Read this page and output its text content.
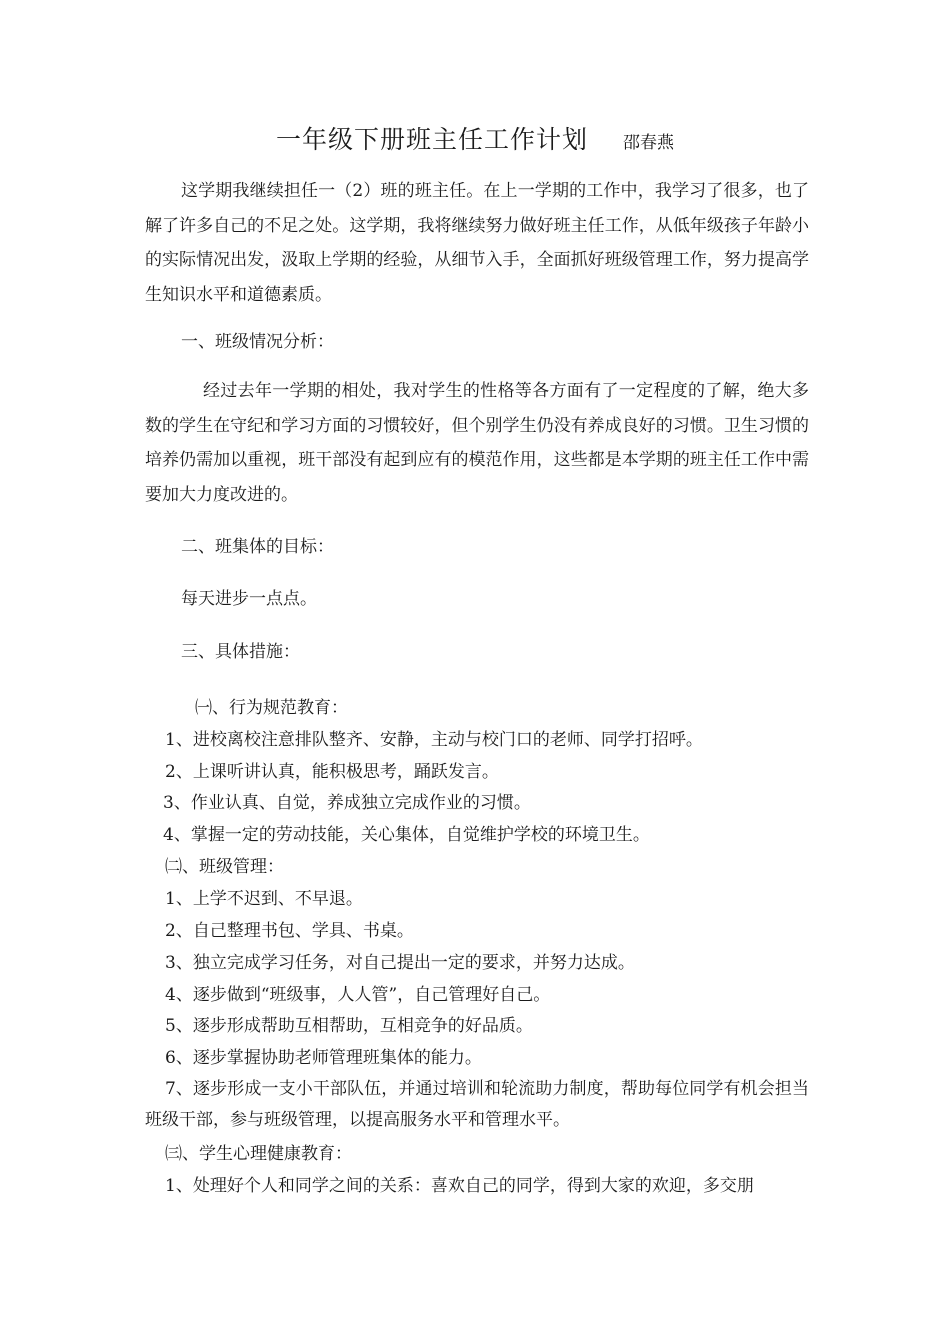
一年级下册班主任工作计划 邵春燕

这学期我继续担任一（2）班的班主任。在上一学期的工作中，我学习了很多，也了解了许多自己的不足之处。这学期，我将继续努力做好班主任工作，从低年级孩子年龄小的实际情况出发，汲取上学期的经验，从细节入手，全面抓好班级管理工作，努力提高学生知识水平和道德素质。

一、班级情况分析：

经过去年一学期的相处，我对学生的性格等各方面有了一定程度的了解，绝大多数的学生在守纪和学习方面的习惯较好，但个别学生仍没有养成良好的习惯。卫生习惯的培养仍需加以重视，班干部没有起到应有的模范作用，这些都是本学期的班主任工作中需要加大力度改进的。

二、班集体的目标：
每天进步一点点。
三、具体措施：
㈠、行为规范教育：
1、进校离校注意排队整齐、安静，主动与校门口的老师、同学打招呼。
2、上课听讲认真，能积极思考，踊跃发言。
3、作业认真、自觉，养成独立完成作业的习惯。
4、掌握一定的劳动技能，关心集体，自觉维护学校的环境卫生。
㈡、班级管理：
1、上学不迟到、不早退。
2、自己整理书包、学具、书桌。
3、独立完成学习任务，对自己提出一定的要求，并努力达成。
4、逐步做到“班级事，人人管”，自己管理好自己。
5、逐步形成帮助互相帮助，互相竞争的好品质。
6、逐步掌握协助老师管理班集体的能力。

7、逐步形成一支小干部队伍，并通过培训和轮流助力制度，帮助每位同学有机会担当班级干部，参与班级管理，以提高服务水平和管理水平。

㈢、学生心理健康教育：
1、处理好个人和同学之间的关系：喜欢自己的同学，得到大家的欢迎，多交朋
